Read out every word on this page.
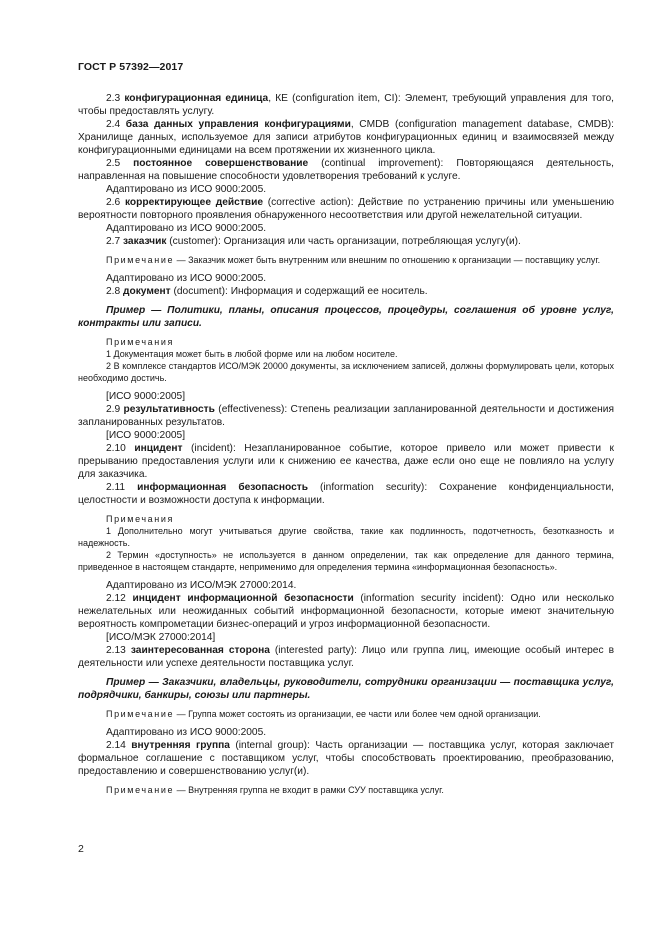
ГОСТ Р 57392—2017

2.3 конфигурационная единица, КЕ (configuration item, CI): Элемент, требующий управления для того, чтобы предоставлять услугу.

2.4 база данных управления конфигурациями, CMDB (configuration management database, CMDB): Хранилище данных, используемое для записи атрибутов конфигурационных единиц и взаимосвязей между конфигурационными единицами на всем протяжении их жизненного цикла.

2.5 постоянное совершенствование (continual improvement): Повторяющаяся деятельность, направленная на повышение способности удовлетворения требований к услуге.

Адаптировано из ИСО 9000:2005.

2.6 корректирующее действие (corrective action): Действие по устранению причины или уменьшению вероятности повторного проявления обнаруженного несоответствия или другой нежелательной ситуации.

Адаптировано из ИСО 9000:2005.

2.7 заказчик (customer): Организация или часть организации, потребляющая услугу(и).

Примечание — Заказчик может быть внутренним или внешним по отношению к организации — поставщику услуг.

Адаптировано из ИСО 9000:2005.

2.8 документ (document): Информация и содержащий ее носитель.

Пример — Политики, планы, описания процессов, процедуры, соглашения об уровне услуг, контракты или записи.

Примечания

1 Документация может быть в любой форме или на любом носителе.

2 В комплексе стандартов ИСО/МЭК 20000 документы, за исключением записей, должны формулировать цели, которых необходимо достичь.

[ИСО 9000:2005]

2.9 результативность (effectiveness): Степень реализации запланированной деятельности и достижения запланированных результатов.

[ИСО 9000:2005]

2.10 инцидент (incident): Незапланированное событие, которое привело или может привести к прерыванию предоставления услуги или к снижению ее качества, даже если оно еще не повлияло на услугу для заказчика.

2.11 информационная безопасность (information security): Сохранение конфиденциальности, целостности и возможности доступа к информации.

Примечания

1 Дополнительно могут учитываться другие свойства, такие как подлинность, подотчетность, безотказность и надежность.

2 Термин «доступность» не используется в данном определении, так как определение для данного термина, приведенное в настоящем стандарте, неприменимо для определения термина «информационная безопасность».

Адаптировано из ИСО/МЭК 27000:2014.

2.12 инцидент информационной безопасности (information security incident): Одно или несколько нежелательных или неожиданных событий информационной безопасности, которые имеют значительную вероятность компрометации бизнес-операций и угроз информационной безопасности.

[ИСО/МЭК 27000:2014]

2.13 заинтересованная сторона (interested party): Лицо или группа лиц, имеющие особый интерес в деятельности или успехе деятельности поставщика услуг.

Пример — Заказчики, владельцы, руководители, сотрудники организации — поставщика услуг, подрядчики, банкиры, союзы или партнеры.

Примечание — Группа может состоять из организации, ее части или более чем одной организации.

Адаптировано из ИСО 9000:2005.

2.14 внутренняя группа (internal group): Часть организации — поставщика услуг, которая заключает формальное соглашение с поставщиком услуг, чтобы способствовать проектированию, преобразованию, предоставлению и совершенствованию услуг(и).

Примечание — Внутренняя группа не входит в рамки СУУ поставщика услуг.

2
